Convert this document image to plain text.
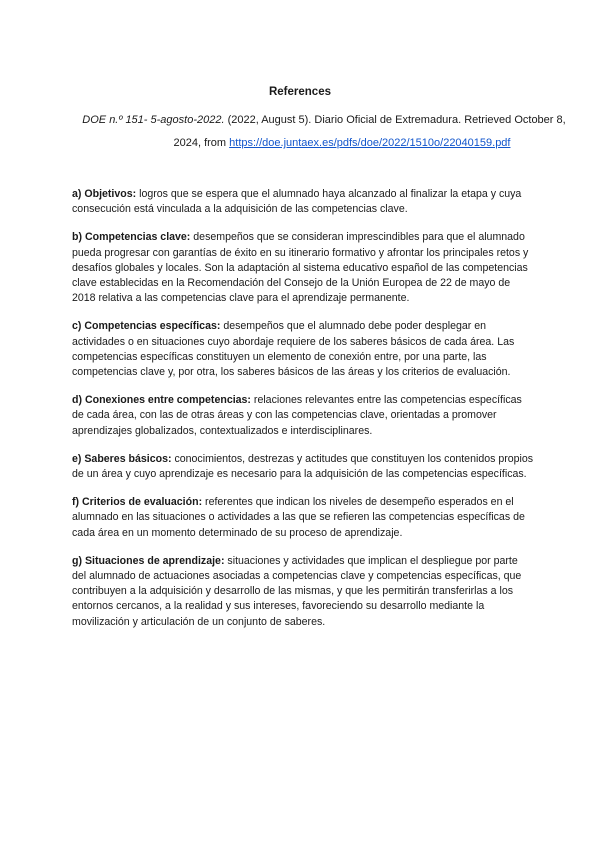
References

DOE n.º 151- 5-agosto-2022. (2022, August 5). Diario Oficial de Extremadura. Retrieved October 8, 2024, from https://doe.juntaex.es/pdfs/doe/2022/1510o/22040159.pdf

a) Objetivos: logros que se espera que el alumnado haya alcanzado al finalizar la etapa y cuya consecución está vinculada a la adquisición de las competencias clave.

b) Competencias clave: desempeños que se consideran imprescindibles para que el alumnado pueda progresar con garantías de éxito en su itinerario formativo y afrontar los principales retos y desafíos globales y locales. Son la adaptación al sistema educativo español de las competencias clave establecidas en la Recomendación del Consejo de la Unión Europea de 22 de mayo de 2018 relativa a las competencias clave para el aprendizaje permanente.

c) Competencias específicas: desempeños que el alumnado debe poder desplegar en actividades o en situaciones cuyo abordaje requiere de los saberes básicos de cada área. Las competencias específicas constituyen un elemento de conexión entre, por una parte, las competencias clave y, por otra, los saberes básicos de las áreas y los criterios de evaluación.

d) Conexiones entre competencias: relaciones relevantes entre las competencias específicas de cada área, con las de otras áreas y con las competencias clave, orientadas a promover aprendizajes globalizados, contextualizados e interdisciplinares.

e) Saberes básicos: conocimientos, destrezas y actitudes que constituyen los contenidos propios de un área y cuyo aprendizaje es necesario para la adquisición de las competencias específicas.

f) Criterios de evaluación: referentes que indican los niveles de desempeño esperados en el alumnado en las situaciones o actividades a las que se refieren las competencias específicas de cada área en un momento determinado de su proceso de aprendizaje.

g) Situaciones de aprendizaje: situaciones y actividades que implican el despliegue por parte del alumnado de actuaciones asociadas a competencias clave y competencias específicas, que contribuyen a la adquisición y desarrollo de las mismas, y que les permitirán transferirlas a los entornos cercanos, a la realidad y sus intereses, favoreciendo su desarrollo mediante la movilización y articulación de un conjunto de saberes.
